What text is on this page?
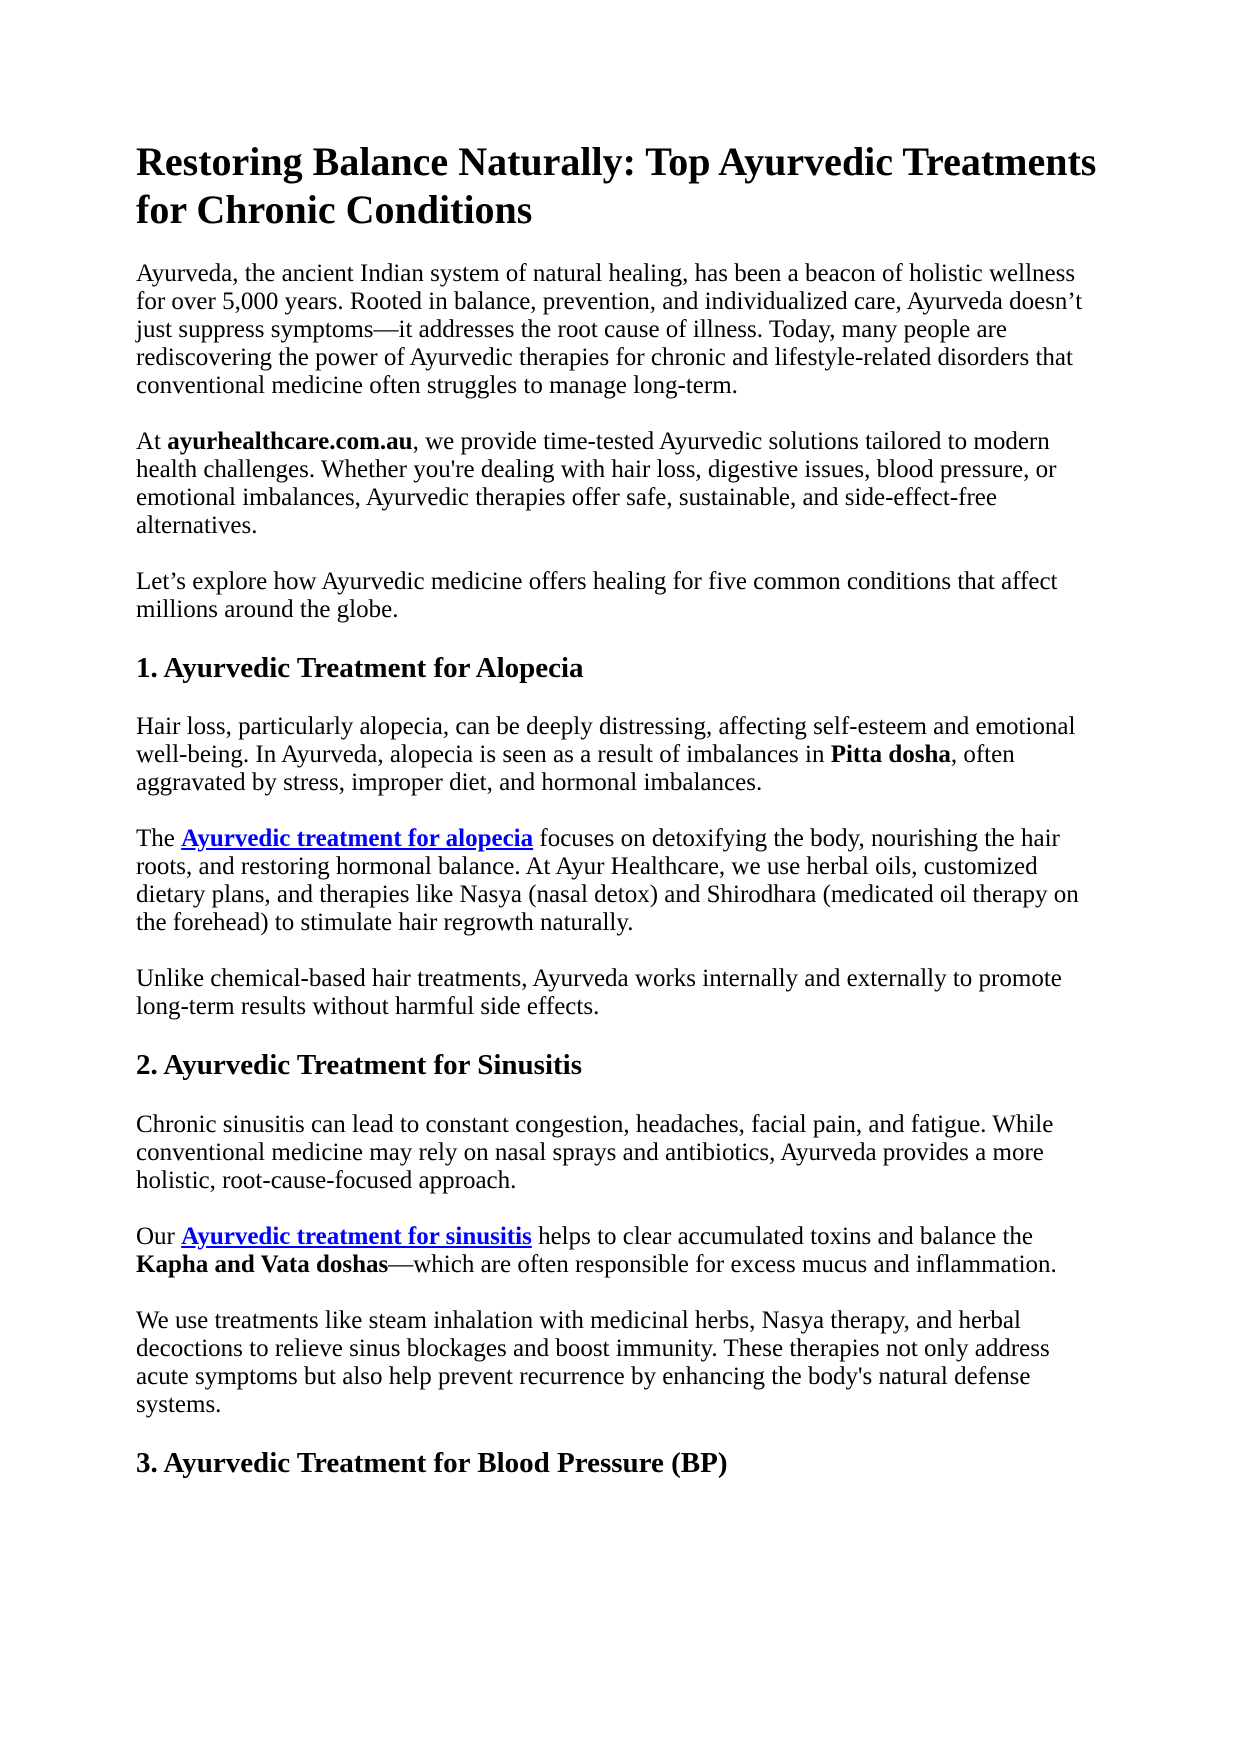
Restoring Balance Naturally: Top Ayurvedic Treatments for Chronic Conditions

Ayurveda, the ancient Indian system of natural healing, has been a beacon of holistic wellness for over 5,000 years. Rooted in balance, prevention, and individualized care, Ayurveda doesn’t just suppress symptoms—it addresses the root cause of illness. Today, many people are rediscovering the power of Ayurvedic therapies for chronic and lifestyle-related disorders that conventional medicine often struggles to manage long-term.

At ayurhealthcare.com.au, we provide time-tested Ayurvedic solutions tailored to modern health challenges. Whether you're dealing with hair loss, digestive issues, blood pressure, or emotional imbalances, Ayurvedic therapies offer safe, sustainable, and side-effect-free alternatives.

Let’s explore how Ayurvedic medicine offers healing for five common conditions that affect millions around the globe.

1. Ayurvedic Treatment for Alopecia

Hair loss, particularly alopecia, can be deeply distressing, affecting self-esteem and emotional well-being. In Ayurveda, alopecia is seen as a result of imbalances in Pitta dosha, often aggravated by stress, improper diet, and hormonal imbalances.

The Ayurvedic treatment for alopecia focuses on detoxifying the body, nourishing the hair roots, and restoring hormonal balance. At Ayur Healthcare, we use herbal oils, customized dietary plans, and therapies like Nasya (nasal detox) and Shirodhara (medicated oil therapy on the forehead) to stimulate hair regrowth naturally.

Unlike chemical-based hair treatments, Ayurveda works internally and externally to promote long-term results without harmful side effects.

2. Ayurvedic Treatment for Sinusitis

Chronic sinusitis can lead to constant congestion, headaches, facial pain, and fatigue. While conventional medicine may rely on nasal sprays and antibiotics, Ayurveda provides a more holistic, root-cause-focused approach.

Our Ayurvedic treatment for sinusitis helps to clear accumulated toxins and balance the Kapha and Vata doshas—which are often responsible for excess mucus and inflammation.

We use treatments like steam inhalation with medicinal herbs, Nasya therapy, and herbal decoctions to relieve sinus blockages and boost immunity. These therapies not only address acute symptoms but also help prevent recurrence by enhancing the body's natural defense systems.

3. Ayurvedic Treatment for Blood Pressure (BP)
